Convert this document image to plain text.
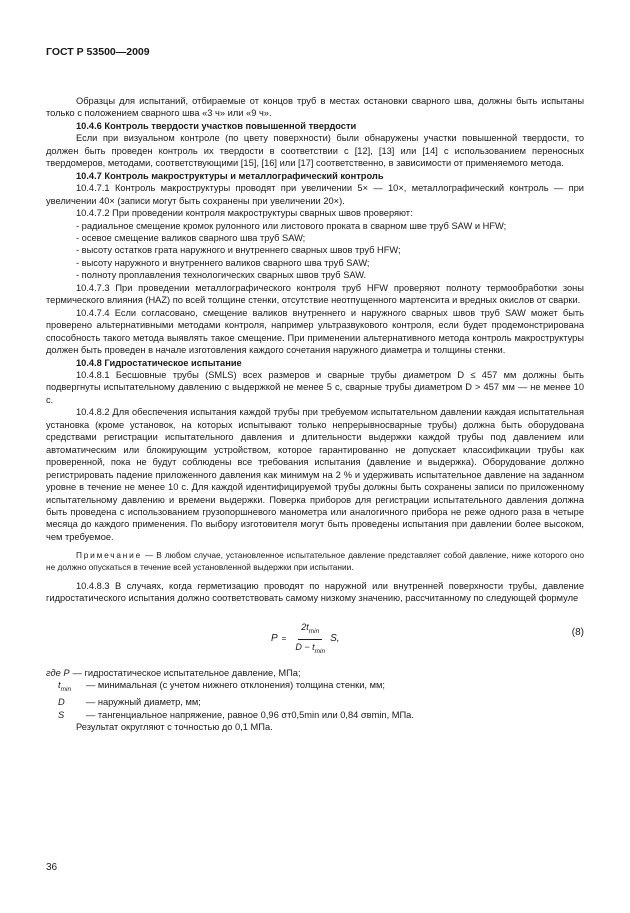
ГОСТ Р 53500—2009

Образцы для испытаний, отбираемые от концов труб в местах остановки сварного шва, должны быть испытаны только с положением сварного шва «3 ч» или «9 ч».

10.4.6 Контроль твердости участков повышенной твердости

Если при визуальном контроле (по цвету поверхности) были обнаружены участки повышенной твердости, то должен быть проведен контроль их твердости в соответствии с [12], [13] или [14] с использованием переносных твердомеров, методами, соответствующими [15], [16] или [17] соответственно, в зависимости от применяемого метода.

10.4.7 Контроль макроструктуры и металлографический контроль

10.4.7.1 Контроль макроструктуры проводят при увеличении 5× — 10×, металлографический контроль — при увеличении 40× (записи могут быть сохранены при увеличении 20×).

10.4.7.2 При проведении контроля макроструктуры сварных швов проверяют:

- радиальное смещение кромок рулонного или листового проката в сварном шве труб SAW и HFW;

- осевое смещение валиков сварного шва труб SAW;

- высоту остатков грата наружного и внутреннего сварных швов труб HFW;

- высоту наружного и внутреннего валиков сварного шва труб SAW;

- полноту проплавления технологических сварных швов труб SAW.

10.4.7.3 При проведении металлографического контроля труб HFW проверяют полноту термообработки зоны термического влияния (HAZ) по всей толщине стенки, отсутствие неотпущенного мартенсита и вредных окислов от сварки.

10.4.7.4 Если согласовано, смещение валиков внутреннего и наружного сварных швов труб SAW может быть проверено альтернативными методами контроля, например ультразвукового контроля, если будет продемонстрирована способность такого метода выявлять такое смещение. При применении альтернативного метода контроль макроструктуры должен быть проведен в начале изготовления каждого сочетания наружного диаметра и толщины стенки.

10.4.8 Гидростатическое испытание

10.4.8.1 Бесшовные трубы (SMLS) всех размеров и сварные трубы диаметром D ≤ 457 мм должны быть подвергнуты испытательному давлению с выдержкой не менее 5 с, сварные трубы диаметром D > 457 мм — не менее 10 с.

10.4.8.2 Для обеспечения испытания каждой трубы при требуемом испытательном давлении каждая испытательная установка (кроме установок, на которых испытывают только непрерывносварные трубы) должна быть оборудована средствами регистрации испытательного давления и длительности выдержки каждой трубы под давлением или автоматическим или блокирующим устройством, которое гарантированно не допускает классификации трубы как проверенной, пока не будут соблюдены все требования испытания (давление и выдержка). Оборудование должно регистрировать падение приложенного давления как минимум на 2 % и удерживать испытательное давление на заданном уровне в течение не менее 10 с. Для каждой идентифицируемой трубы должны быть сохранены записи по приложенному испытательному давлению и времени выдержки. Поверка приборов для регистрации испытательного давления должна быть проведена с использованием грузопоршневого манометра или аналогичного прибора не реже одного раза в четыре месяца до каждого применения. По выбору изготовителя могут быть проведены испытания при давлении более высоком, чем требуемое.

Примечание — В любом случае, установленное испытательное давление представляет собой давление, ниже которого оно не должно опускаться в течение всей установленной выдержки при испытании.

10.4.8.3 В случаях, когда герметизацию проводят по наружной или внутренней поверхности трубы, давление гидростатического испытания должно соответствовать самому низкому значению, рассчитанному по следующей формуле

$P = \frac{2t_{min}}{D - t_{min}} S$,
(8)
где P — гидростатическое испытательное давление, МПа;
$t_{min}$	— минимальная (с учетом нижнего отклонения) толщина стенки, мм;
D	— наружный диаметр, мм;
S	— тангенциальное напряжение, равное 0,96 σт0,5min или 0,84 σвmin, МПа.

Результат округляют с точностью до 0,1 МПа.

36
